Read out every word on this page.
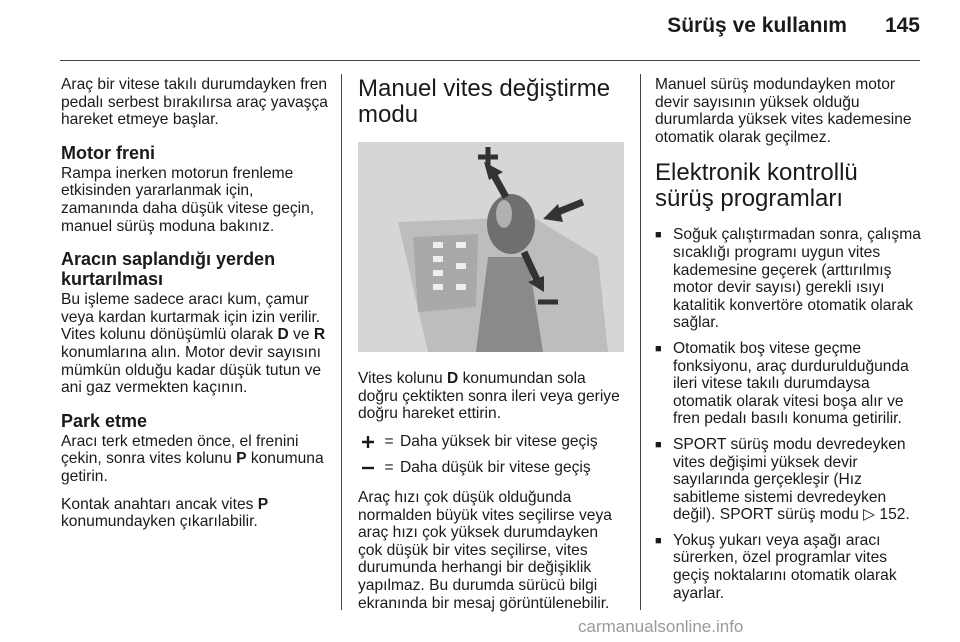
Sürüş ve kullanım 145

Araç bir vitese takılı durumdayken fren pedalı serbest bırakılırsa araç yavaşça hareket etmeye başlar.

Motor freni

Rampa inerken motorun frenleme etkisinden yararlanmak için, zamanında daha düşük vitese geçin, manuel sürüş moduna bakınız.

Aracın saplandığı yerden kurtarılması

Bu işleme sadece aracı kum, çamur veya kardan kurtarmak için izin verilir. Vites kolunu dönüşümlü olarak D ve R konumlarına alın. Motor devir sayısını mümkün olduğu kadar düşük tutun ve ani gaz vermekten kaçının.

Park etme

Aracı terk etmeden önce, el frenini çekin, sonra vites kolunu P konumuna getirin.

Kontak anahtarı ancak vites P konumundayken çıkarılabilir.

Manuel vites değiştirme modu

Vites kolunu D konumundan sola doğru çektikten sonra ileri veya geriye doğru hareket ettirin.

= Daha yüksek bir vitese geçiş
= Daha düşük bir vitese geçiş

Araç hızı çok düşük olduğunda normalden büyük vites seçilirse veya araç hızı çok yüksek durumdayken çok düşük bir vites seçilirse, vites durumunda herhangi bir değişiklik yapılmaz. Bu durumda sürücü bilgi ekranında bir mesaj görüntülenebilir.

Manuel sürüş modundayken motor devir sayısının yüksek olduğu durumlarda yüksek vites kademesine otomatik olarak geçilmez.

Elektronik kontrollü sürüş programları
■ Soğuk çalıştırmadan sonra, çalışma sıcaklığı programı uygun vites kademesine geçerek (arttırılmış motor devir sayısı) gerekli ısıyı katalitik konvertöre otomatik olarak sağlar.
■ Otomatik boş vitese geçme fonksiyonu, araç durdurulduğunda ileri vitese takılı durumdaysa otomatik olarak vitesi boşa alır ve fren pedalı basılı konuma getirilir.
■ SPORT sürüş modu devredeyken vites değişimi yüksek devir sayılarında gerçekleşir (Hız sabitleme sistemi devredeyken değil). SPORT sürüş modu ▷ 152.
■ Yokuş yukarı veya aşağı aracı sürerken, özel programlar vites geçiş noktalarını otomatik olarak ayarlar.
carmanualsonline.info
